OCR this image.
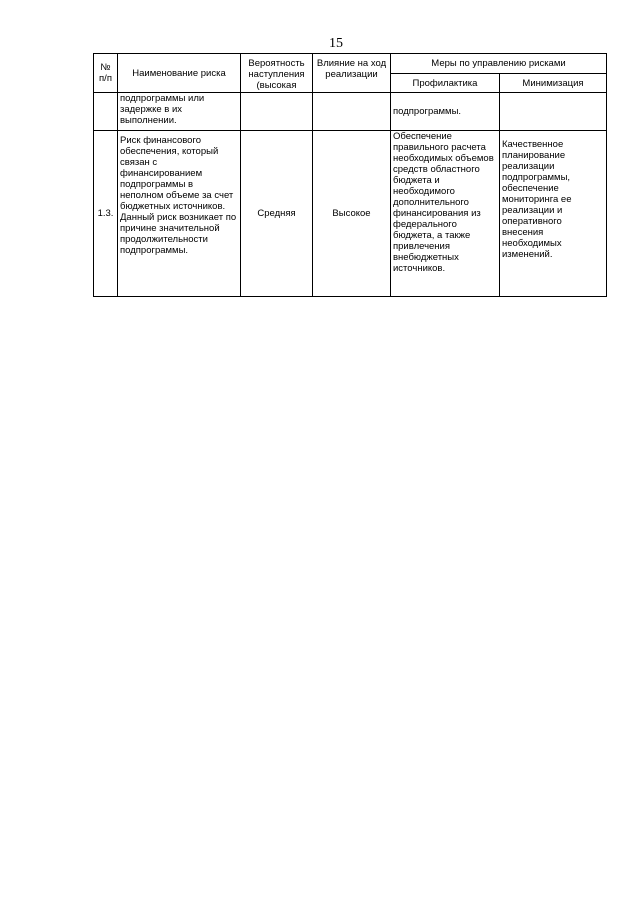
15
№ п/п	Наименование риска	Вероятность наступления (высокая	Влияние на ход реализации	Меры по управлению рисками	
				Профилактика	Минимизация
	подпрограммы или задержке в их выполнении.			подпрограммы.	
1.3.	Риск финансового обеспечения, который связан с финансированием подпрограммы в неполном объеме за счет бюджетных источников. Данный риск возникает по причине значительной продолжительности подпрограммы.	Средняя	Высокое	Обеспечение правильного расчета необходимых объемов средств областного бюджета и необходимого дополнительного финансирования из федерального бюджета, а также привлечения внебюджетных источников.	Качественное планирование реализации подпрограммы, обеспечение мониторинга ее реализации и оперативного внесения необходимых изменений.
